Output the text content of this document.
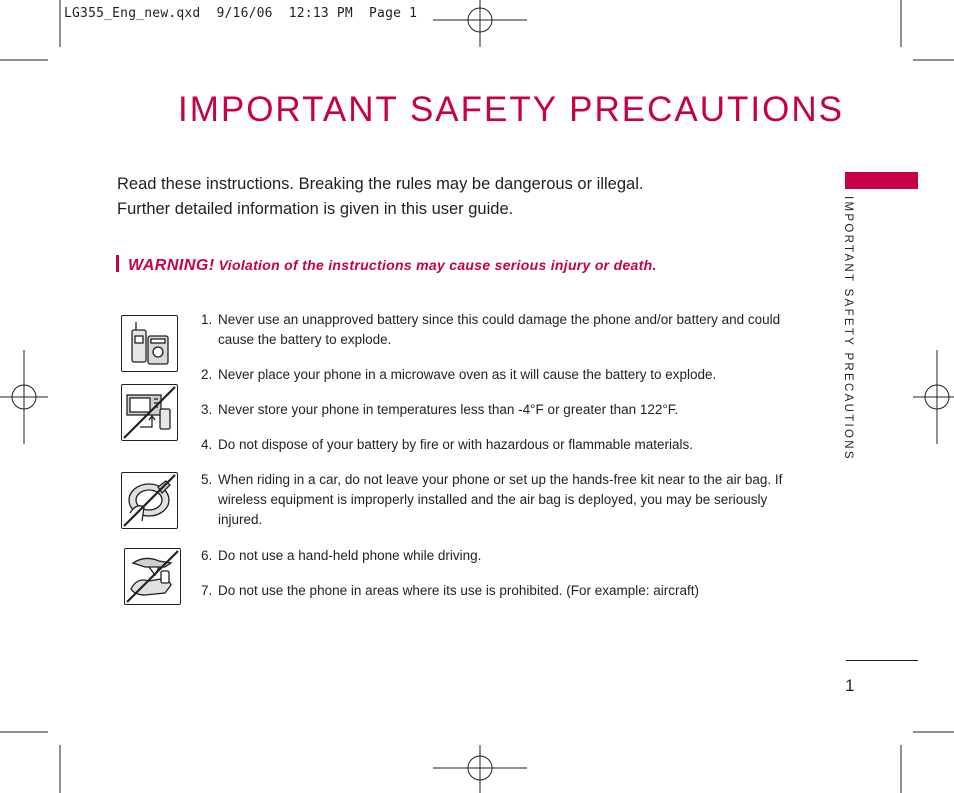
LG355_Eng_new.qxd  9/16/06  12:13 PM  Page 1
IMPORTANT SAFETY PRECAUTIONS
Read these instructions. Breaking the rules may be dangerous or illegal.
Further detailed information is given in this user guide.
WARNING! Violation of the instructions may cause serious injury or death.
1. Never use an unapproved battery since this could damage the phone and/or battery and could cause the battery to explode.
2. Never place your phone in a microwave oven as it will cause the battery to explode.
3. Never store your phone in temperatures less than -4°F or greater than 122°F.
4. Do not dispose of your battery by fire or with hazardous or flammable materials.
5. When riding in a car, do not leave your phone or set up the hands-free kit near to the air bag. If wireless equipment is improperly installed and the air bag is deployed, you may be seriously injured.
6. Do not use a hand-held phone while driving.
7. Do not use the phone in areas where its use is prohibited. (For example: aircraft)
IMPORTANT SAFETY PRECAUTIONS
1
